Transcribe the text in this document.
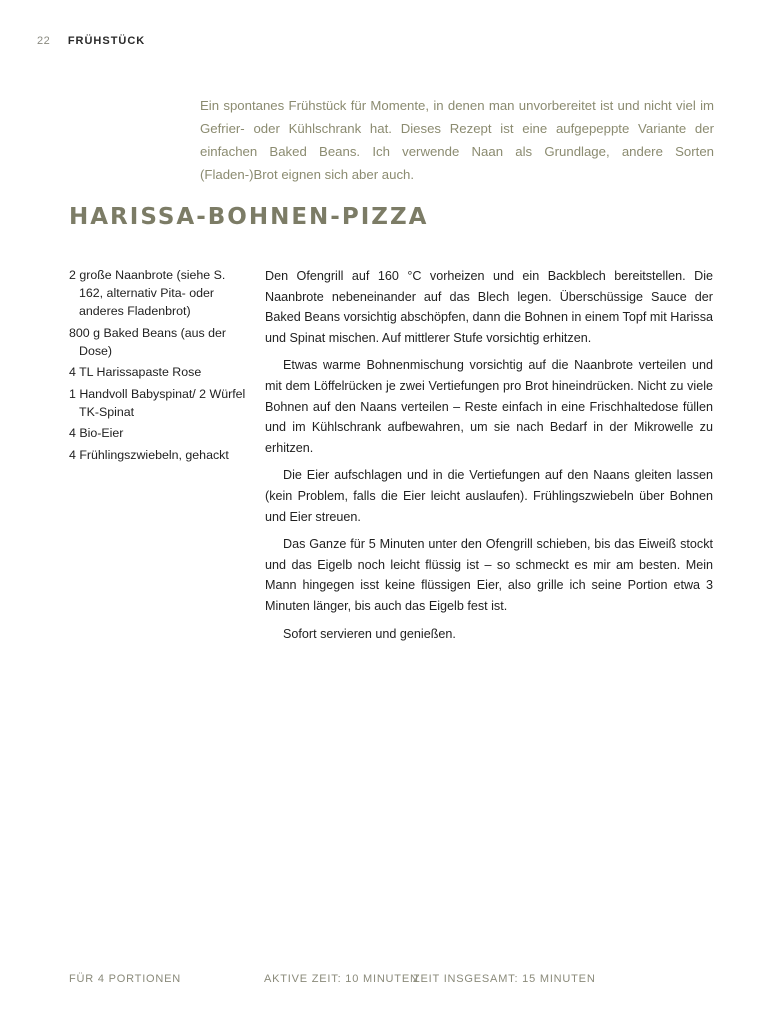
22 FRÜHSTÜCK

Ein spontanes Frühstück für Momente, in denen man unvorbereitet ist und nicht viel im Gefrier- oder Kühlschrank hat. Dieses Rezept ist eine aufgepeppte Variante der einfachen Baked Beans. Ich verwende Naan als Grundlage, andere Sorten (Fladen-)Brot eignen sich aber auch.

HARISSA-BOHNEN-PIZZA
2 große Naanbrote (siehe S. 162, alternativ Pita- oder anderes Fladenbrot)
800 g Baked Beans (aus der Dose)
4 TL Harissapaste Rose
1 Handvoll Babyspinat/ 2 Würfel TK-Spinat
4 Bio-Eier
4 Frühlingszwiebeln, gehackt

Den Ofengrill auf 160 °C vorheizen und ein Backblech bereitstellen. Die Naanbrote nebeneinander auf das Blech legen. Überschüssige Sauce der Baked Beans vorsichtig abschöpfen, dann die Bohnen in einem Topf mit Harissa und Spinat mischen. Auf mittlerer Stufe vorsichtig erhitzen.

Etwas warme Bohnenmischung vorsichtig auf die Naanbrote verteilen und mit dem Löffelrücken je zwei Vertiefungen pro Brot hineindrücken. Nicht zu viele Bohnen auf den Naans verteilen – Reste einfach in eine Frischhaltedose füllen und im Kühlschrank aufbewahren, um sie nach Bedarf in der Mikrowelle zu erhitzen.

Die Eier aufschlagen und in die Vertiefungen auf den Naans gleiten lassen (kein Problem, falls die Eier leicht auslaufen). Frühlingszwiebeln über Bohnen und Eier streuen.

Das Ganze für 5 Minuten unter den Ofengrill schieben, bis das Eiweiß stockt und das Eigelb noch leicht flüssig ist – so schmeckt es mir am besten. Mein Mann hingegen isst keine flüssigen Eier, also grille ich seine Portion etwa 3 Minuten länger, bis auch das Eigelb fest ist.

Sofort servieren und genießen.

FÜR 4 PORTIONEN	AKTIVE ZEIT: 10 MINUTEN
ZEIT INSGESAMT: 15 MINUTEN
